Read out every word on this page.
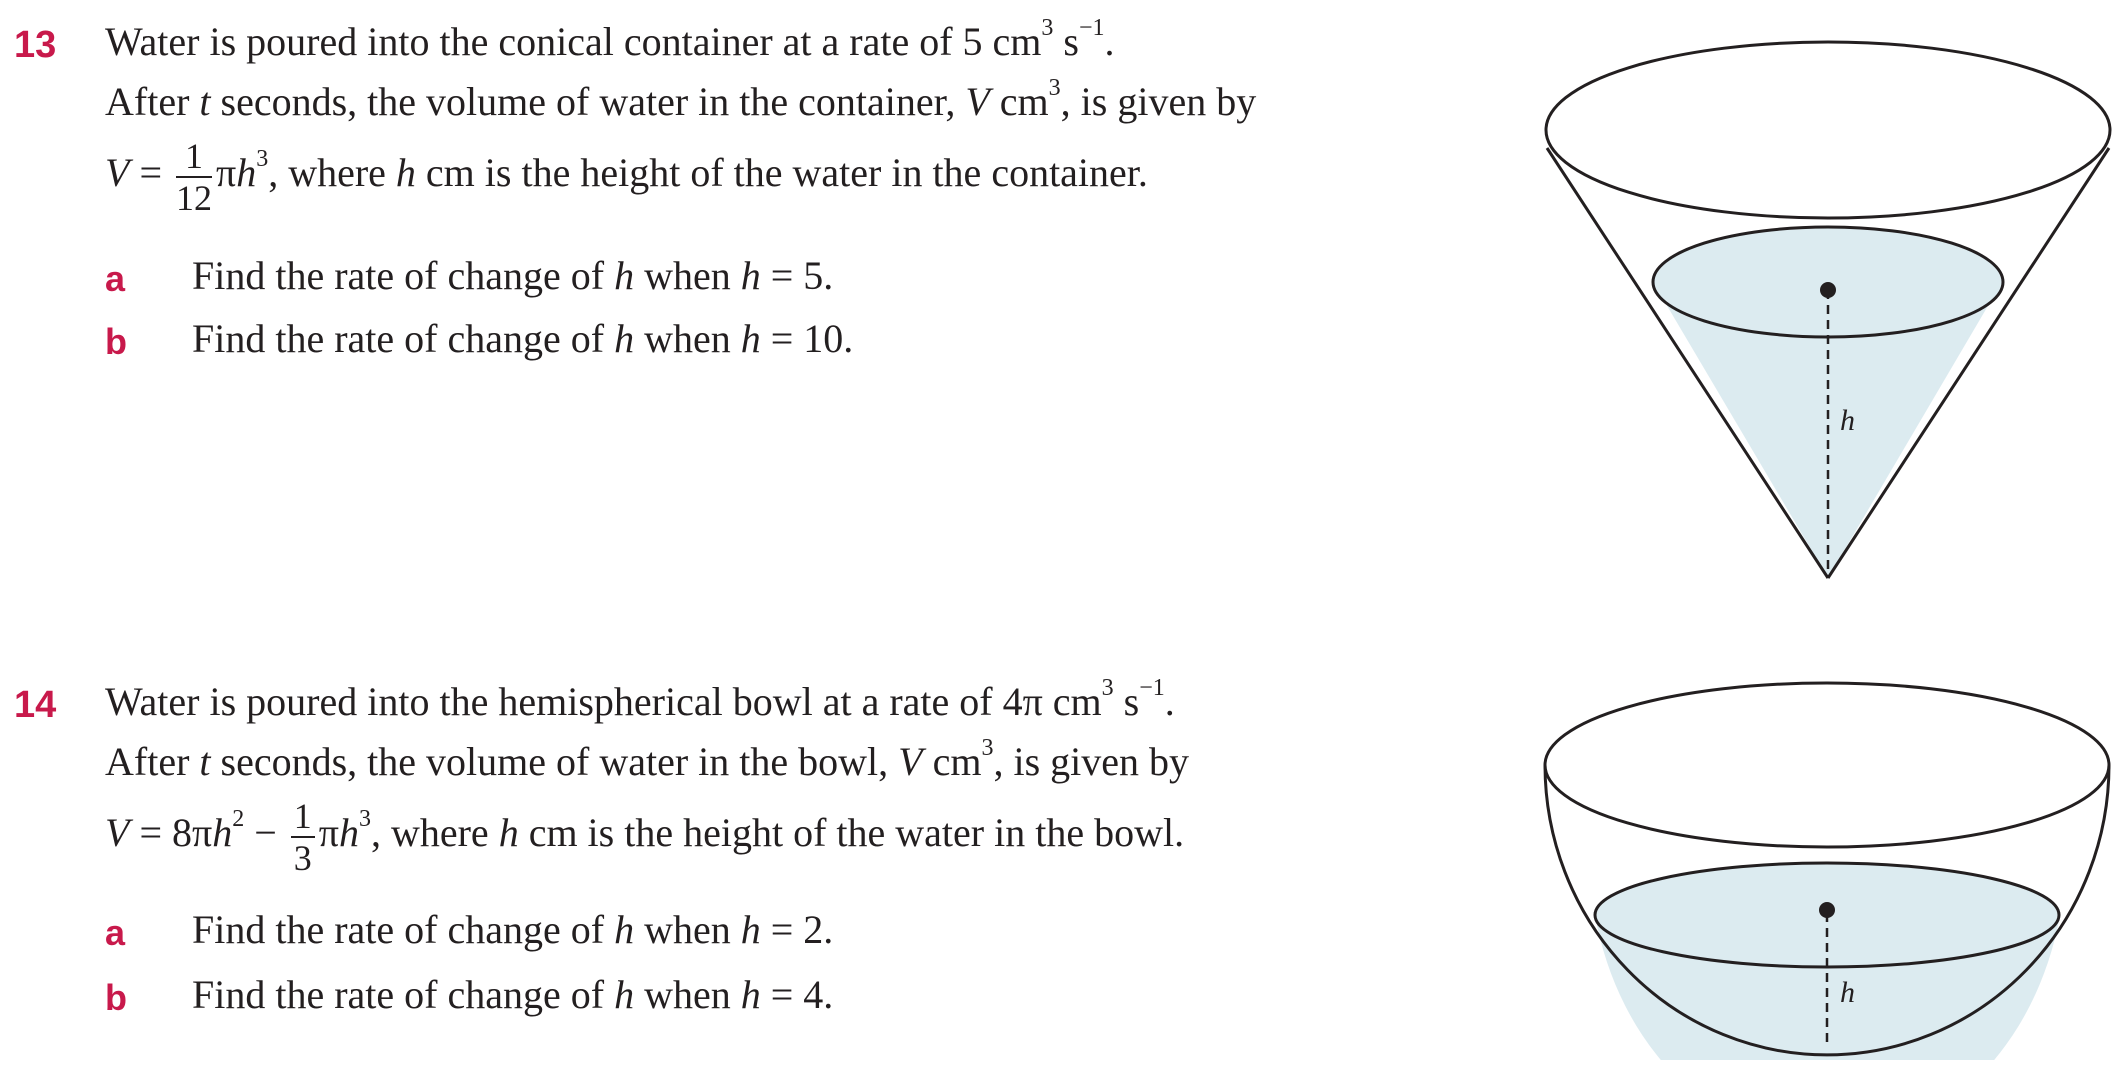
13 Water is poured into the conical container at a rate of 5 $cm^3$ $s^{-1}$.
After t seconds, the volume of water in the container, V $cm^3$, is given by
$V = \frac{1}{12} \pi h^3$, where h cm is the height of the water in the container.
a Find the rate of change of h when h = 5.
b Find the rate of change of h when h = 10.
h
14 Water is poured into the hemispherical bowl at a rate of 4π $cm^3$ $s^{-1}$.
After t seconds, the volume of water in the bowl, V $cm^3$, is given by
$V = 8\pi h^2 - \frac{1}{3} \pi h^3$, where h cm is the height of the water in the bowl.
a Find the rate of change of h when h = 2.
b Find the rate of change of h when h = 4.	h
